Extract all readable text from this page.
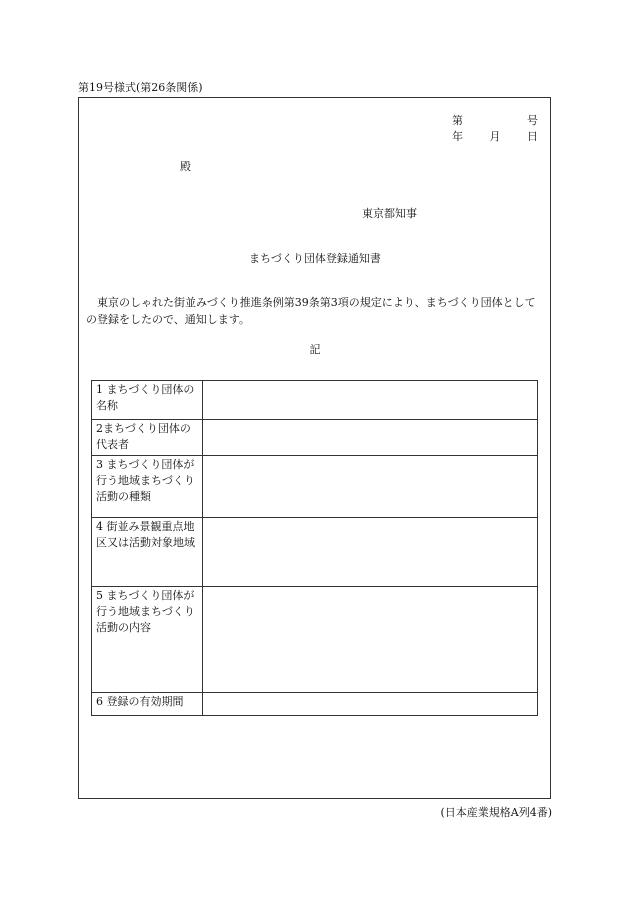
第19号様式(第26条関係)
第	号
年 月 日
殿
東京都知事
まちづくり団体登録通知書
東京のしゃれた街並みづくり推進条例第39条第3項の規定により、まちづくり団体としての登録をしたので、通知します。
記
1 まちづくり団体の名称	
2まちづくり団体の代表者	
3 まちづくり団体が行う地域まちづくり活動の種類	
4 街並み景観重点地区又は活動対象地域	
5 まちづくり団体が行う地域まちづくり活動の内容	
6 登録の有効期間	
(日本産業規格A列4番)
